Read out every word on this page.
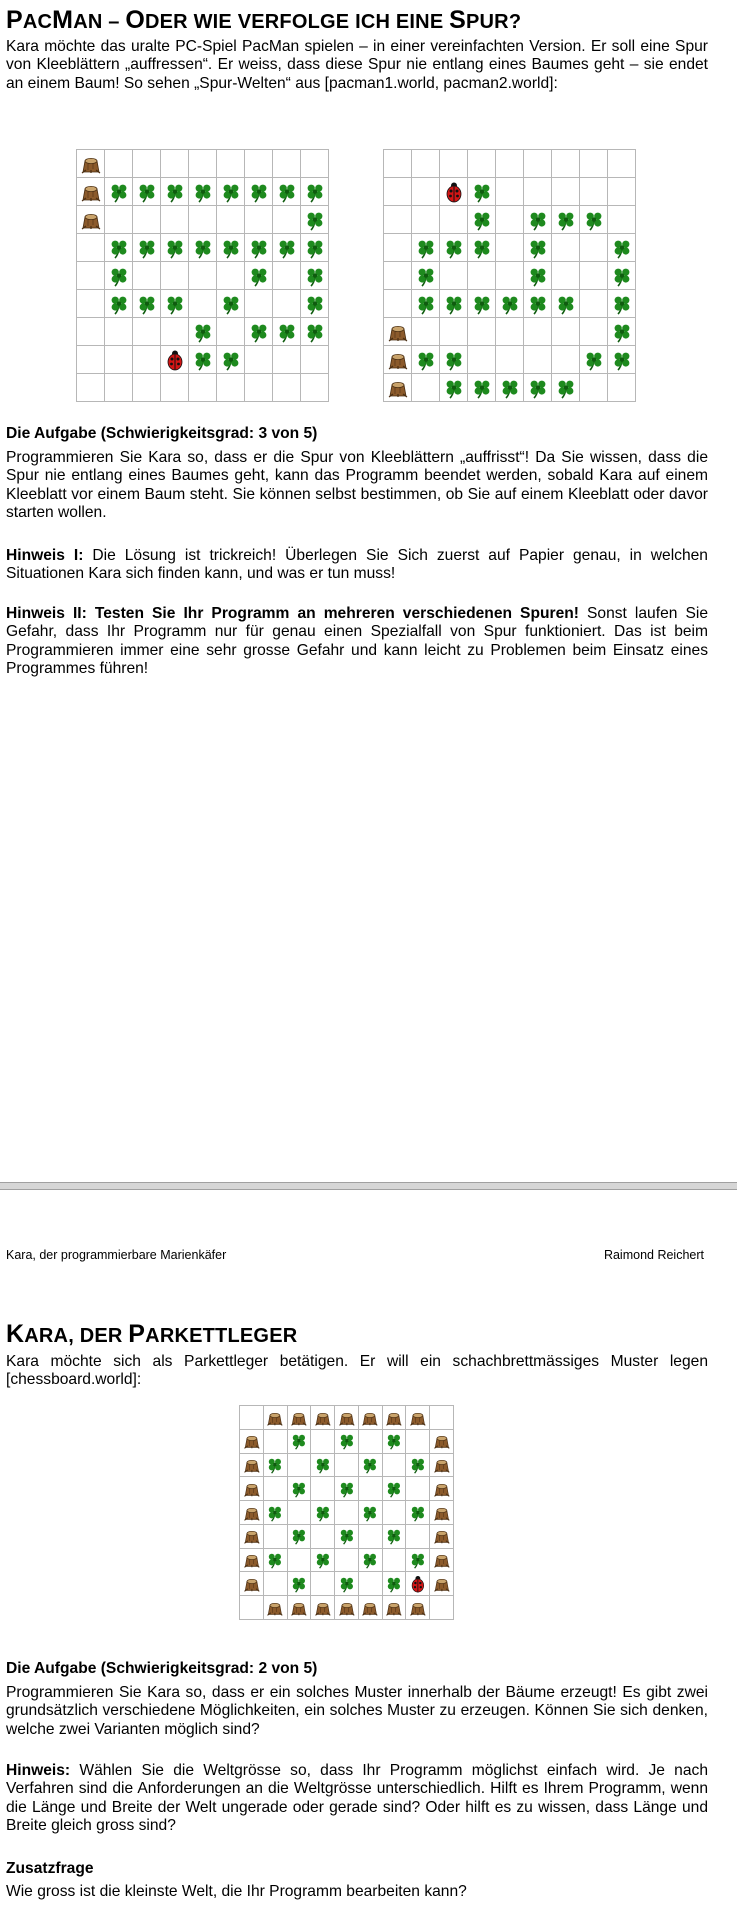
PACMAN – ODER WIE VERFOLGE ICH EINE SPUR?

Kara möchte das uralte PC-Spiel PacMan spielen – in einer vereinfachten Version. Er soll eine Spur von Kleeblättern „auffressen“. Er weiss, dass diese Spur nie entlang eines Baumes geht – sie endet an einem Baum! So sehen „Spur-Welten“ aus [pacman1.world, pacman2.world]:

Die Aufgabe (Schwierigkeitsgrad: 3 von 5)

Programmieren Sie Kara so, dass er die Spur von Kleeblättern „auffrisst“! Da Sie wissen, dass die Spur nie entlang eines Baumes geht, kann das Programm beendet werden, sobald Kara auf einem Kleeblatt vor einem Baum steht. Sie können selbst bestimmen, ob Sie auf einem Kleeblatt oder davor starten wollen.

Hinweis I: Die Lösung ist trickreich! Überlegen Sie Sich zuerst auf Papier genau, in welchen Situationen Kara sich finden kann, und was er tun muss!

Hinweis II: Testen Sie Ihr Programm an mehreren verschiedenen Spuren! Sonst laufen Sie Gefahr, dass Ihr Programm nur für genau einen Spezialfall von Spur funktioniert. Das ist beim Programmieren immer eine sehr grosse Gefahr und kann leicht zu Problemen beim Einsatz eines Programmes führen!

Kara, der programmierbare Marienkäfer	Raimond Reichert

KARA, DER PARKETTLEGER

Kara möchte sich als Parkettleger betätigen. Er will ein schachbrettmässiges Muster legen [chessboard.world]:

Die Aufgabe (Schwierigkeitsgrad: 2 von 5)

Programmieren Sie Kara so, dass er ein solches Muster innerhalb der Bäume erzeugt! Es gibt zwei grundsätzlich verschiedene Möglichkeiten, ein solches Muster zu erzeugen. Können Sie sich denken, welche zwei Varianten möglich sind?

Hinweis: Wählen Sie die Weltgrösse so, dass Ihr Programm möglichst einfach wird. Je nach Verfahren sind die Anforderungen an die Weltgrösse unterschiedlich. Hilft es Ihrem Programm, wenn die Länge und Breite der Welt ungerade oder gerade sind? Oder hilft es zu wissen, dass Länge und Breite gleich gross sind?

Zusatzfrage

Wie gross ist die kleinste Welt, die Ihr Programm bearbeiten kann?
